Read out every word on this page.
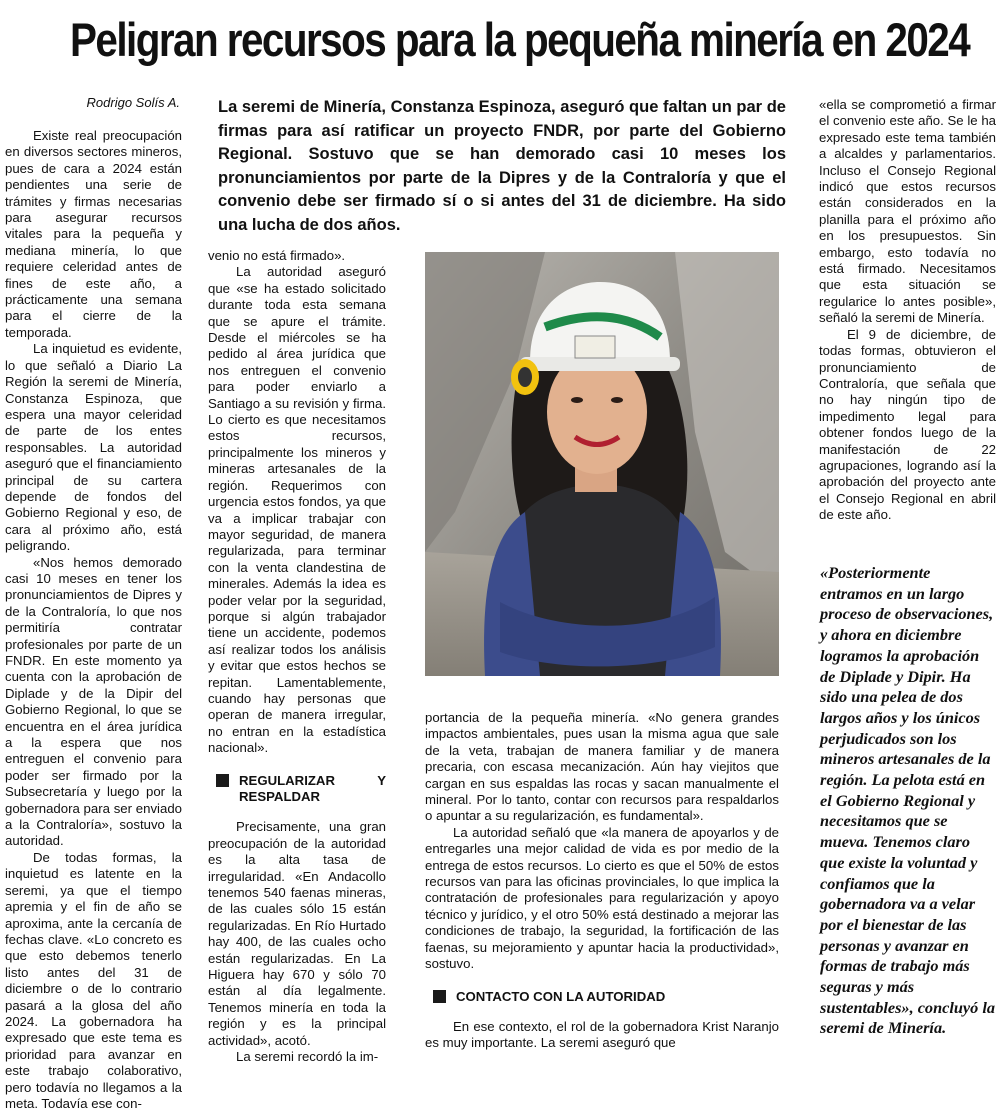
Peligran recursos para la pequeña minería en 2024
Rodrigo Solís A. La seremi de Minería, Constanza Espinoza, aseguró que faltan un par de firmas para así ratificar un proyecto FNDR, por parte del Gobierno Regional. Sostuvo que se han demorado casi 10 meses los pronunciamientos por parte de la Dipres y de la Contraloría y que el convenio debe ser firmado sí o si antes del 31 de diciembre. Ha sido una lucha de dos años.

Existe real preocupación en diversos sectores mineros, pues de cara a 2024 están pendientes una serie de trámites y firmas necesarias para asegurar recursos vitales para la pequeña y mediana minería, lo que requiere celeridad antes de fines de este año, a prácticamente una semana para el cierre de la temporada.

La inquietud es evidente, lo que señaló a Diario La Región la seremi de Minería, Constanza Espinoza, que espera una mayor celeridad de parte de los entes responsables. La autoridad aseguró que el financiamiento principal de su cartera depende de fondos del Gobierno Regional y eso, de cara al próximo año, está peligrando.

«Nos hemos demorado casi 10 meses en tener los pronunciamientos de Dipres y de la Contraloría, lo que nos permitiría contratar profesionales por parte de un FNDR. En este momento ya cuenta con la aprobación de Diplade y de la Dipir del Gobierno Regional, lo que se encuentra en el área jurídica a la espera que nos entreguen el convenio para poder ser firmado por la Subsecretaría y luego por la gobernadora para ser enviado a la Contraloría», sostuvo la autoridad.

De todas formas, la inquietud es latente en la seremi, ya que el tiempo apremia y el fin de año se aproxima, ante la cercanía de fechas clave. «Lo concreto es que esto debemos tenerlo listo antes del 31 de diciembre o de lo contrario pasará a la glosa del año 2024. La gobernadora ha expresado que este tema es prioridad para avanzar en este trabajo colaborativo, pero todavía no llegamos a la meta. Todavía ese con-

venio no está firmado».

La autoridad aseguró que «se ha estado solicitado durante toda esta semana que se apure el trámite. Desde el miércoles se ha pedido al área jurídica que nos entreguen el convenio para poder enviarlo a Santiago a su revisión y firma. Lo cierto es que necesitamos estos recursos, principalmente los mineros y mineras artesanales de la región. Requerimos con urgencia estos fondos, ya que va a implicar trabajar con mayor seguridad, de manera regularizada, para terminar con la venta clandestina de minerales. Además la idea es poder velar por la seguridad, porque si algún trabajador tiene un accidente, podemos así realizar todos los análisis y evitar que estos hechos se repitan. Lamentablemente, cuando hay personas que operan de manera irregular, no entran en la estadística nacional».

REGULARIZAR Y RESPALDAR

Precisamente, una gran preocupación de la autoridad es la alta tasa de irregularidad. «En Andacollo tenemos 540 faenas mineras, de las cuales sólo 15 están regularizadas. En Río Hurtado hay 400, de las cuales ocho están regularizadas. En La Higuera hay 670 y sólo 70 están al día legalmente. Tenemos minería en toda la región y es la principal actividad», acotó.

La seremi recordó la im-

portancia de la pequeña minería. «No genera grandes impactos ambientales, pues usan la misma agua que sale de la veta, trabajan de manera familiar y de manera precaria, con escasa mecanización. Aún hay viejitos que cargan en sus espaldas las rocas y sacan manualmente el mineral. Por lo tanto, contar con recursos para respaldarlos o apuntar a su regularización, es fundamental».

La autoridad señaló que «la manera de apoyarlos y de entregarles una mejor calidad de vida es por medio de la entrega de estos recursos. Lo cierto es que el 50% de estos recursos van para las oficinas provinciales, lo que implica la contratación de profesionales para regularización y apoyo técnico y jurídico, y el otro 50% está destinado a mejorar las condiciones de trabajo, la seguridad, la fortificación de las faenas, su mejoramiento y apuntar hacia la productividad», sostuvo.

CONTACTO CON LA AUTORIDAD

En ese contexto, el rol de la gobernadora Krist Naranjo es muy importante. La seremi aseguró que

«ella se comprometió a firmar el convenio este año. Se le ha expresado este tema también a alcaldes y parlamentarios. Incluso el Consejo Regional indicó que estos recursos están considerados en la planilla para el próximo año en los presupuestos. Sin embargo, esto todavía no está firmado. Necesitamos que esta situación se regularice lo antes posible», señaló la seremi de Minería.

El 9 de diciembre, de todas formas, obtuvieron el pronunciamiento de Contraloría, que señala que no hay ningún tipo de impedimento legal para obtener fondos luego de la manifestación de 22 agrupaciones, logrando así la aprobación del proyecto ante el Consejo Regional en abril de este año.

«Posteriormente entramos en un largo proceso de observaciones, y ahora en diciembre logramos la aprobación de Diplade y Dipir. Ha sido una pelea de dos largos años y los únicos perjudicados son los mineros artesanales de la región. La pelota está en el Gobierno Regional y necesitamos que se mueva. Tenemos claro que existe la voluntad y confiamos que la gobernadora va a velar por el bienestar de las personas y avanzar en formas de trabajo más seguras y más sustentables», concluyó la seremi de Minería.
